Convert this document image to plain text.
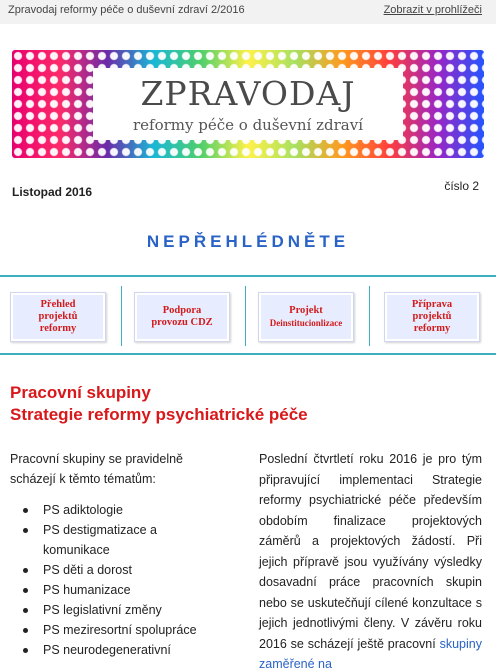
Zpravodaj reformy péče o duševní zdraví 2/2016	Zobrazit v prohlížeči
ZPRAVODAJ
reformy péče o duševní zdraví
Listopad 2016	číslo 2
NEPŘEHLÉDNĚTE
Přehled
projektů
reformy
Podpora
provozu CDZ
Projekt
Deinstitucionlizace
Příprava
projektů
reformy
Pracovní skupiny
Strategie reformy psychiatrické péče
Pracovní skupiny se pravidelně scházejí k těmto tématům:
PS adiktologie
PS destigmatizace a komunikace
PS děti a dorost
PS humanizace
PS legislativní změny
PS meziresortní spolupráce
PS neurodegenerativní
Poslední čtvrtletí roku 2016 je pro tým připravující implementaci Strategie reformy psychiatrické péče především obdobím finalizace projektových záměrů a projektových žádostí. Při jejich přípravě jsou využívány výsledky dosavadní práce pracovních skupin nebo se uskutečňují cílené konzultace s jejich jednotlivými členy. V závěru roku 2016 se scházejí ještě pracovní skupiny zaměřené na
